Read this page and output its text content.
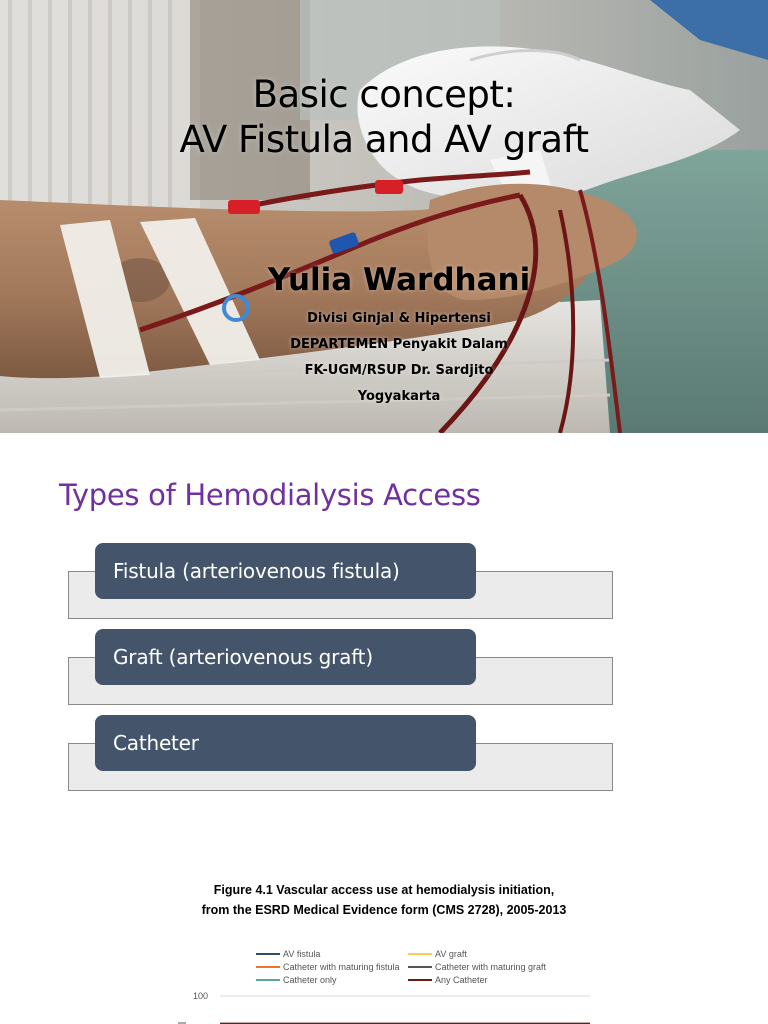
Basic concept:
AV Fistula and AV graft
Yulia Wardhani
Divisi Ginjal & Hipertensi
DEPARTEMEN Penyakit Dalam
FK-UGM/RSUP Dr. Sardjito
Yogyakarta
Types of Hemodialysis Access
Fistula (arteriovenous fistula)
Graft (arteriovenous graft)
Catheter
Figure 4.1 Vascular access use at hemodialysis initiation,
from the ESRD Medical Evidence form (CMS 2728), 2005-2013
AV fistula	AV graft
Catheter with maturing fistula	Catheter with maturing graft
Catheter only	Any Catheter
100
